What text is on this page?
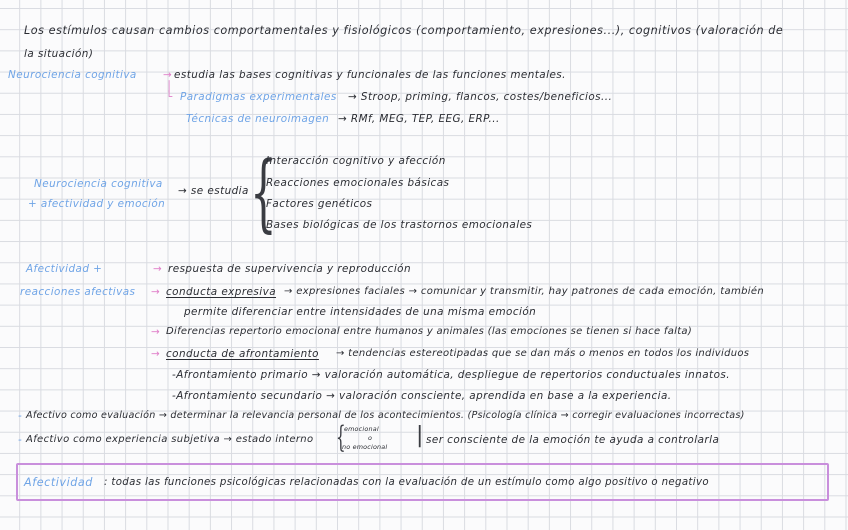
Los estímulos causan cambios comportamentales y fisiológicos (comportamiento, expresiones...), cognitivos (valoración de
la situación)
Neurociencia cognitiva	→ estudia las bases cognitivas y funcionales de las funciones mentales.
│
└ Paradigmas experimentales → Stroop, priming, flancos, costes/beneficios...
Técnicas de neuroimagen → RMf, MEG, TEP, EEG, ERP...
Neurociencia cognitiva
+ afectividad y emoción
→ se estudia {
Interacción cognitivo y afección
Reacciones emocionales básicas
Factores genéticos
Bases biológicas de los trastornos emocionales
Afectividad +
reacciones afectivas
→ respuesta de supervivencia y reproducción
→ conducta expresiva → expresiones faciales → comunicar y transmitir, hay patrones de cada emoción, también
permite diferenciar entre intensidades de una misma emoción
→ Diferencias repertorio emocional entre humanos y animales (las emociones se tienen si hace falta)
→ conducta de afrontamiento → tendencias estereotipadas que se dan más o menos en todos los individuos
-Afrontamiento primario → valoración automática, despliegue de repertorios conductuales innatos.
-Afrontamiento secundario → valoración consciente, aprendida en base a la experiencia.
- Afectivo como evaluación → determinar la relevancia personal de los acontecimientos. (Psicología clínica → corregir evaluaciones incorrectas)
- Afectivo como experiencia subjetiva → estado interno {
emocional
o
no emocional | ser consciente de la emoción te ayuda a controlarla
Afectividad : todas las funciones psicológicas relacionadas con la evaluación de un estímulo como algo positivo o negativo
